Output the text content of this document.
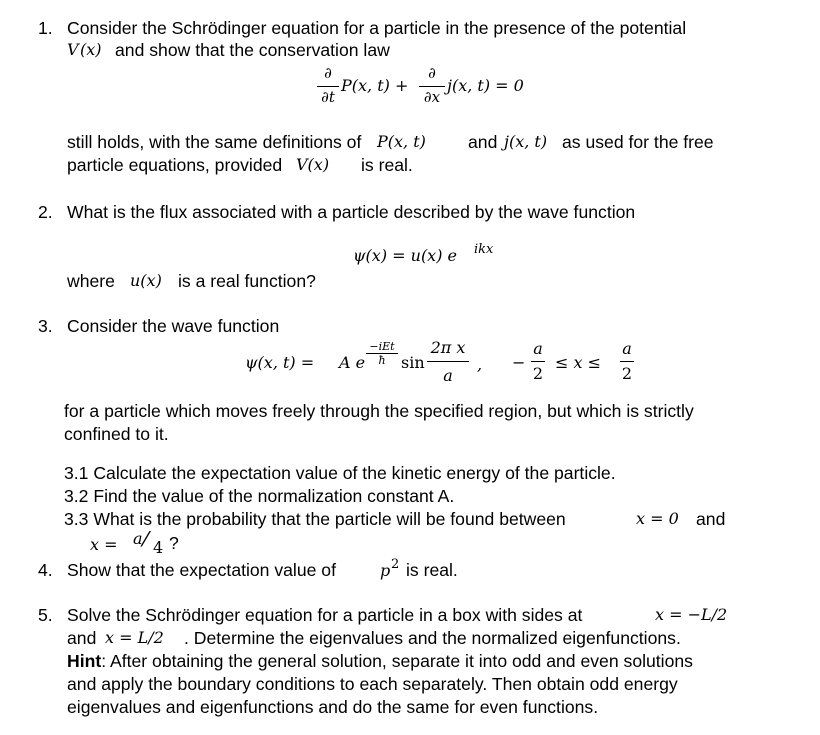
1. Consider the Schrödinger equation for a particle in the presence of the potential
V (x) and show that the conservation law
∂
∂t
P(x, t) +
∂
∂x
j(x, t) = 0
still holds, with the same definitions of P(x, t) and j(x, t) as used for the free
particle equations, provided V(x) is real.
2. What is the flux associated with a particle described by the wave function
ψ(x) = u(x) e ikx
where u(x) is a real function?
3. Consider the wave function
ψ(x, t) = A e
−iEt
ħ sin
2π x
a
, −
a
2
≤ x ≤
a
2
for a particle which moves freely through the specified region, but which is strictly
confined to it.
3.1 Calculate the expectation value of the kinetic energy of the particle.
3.2 Find the value of the normalization constant A.
3.3 What is the probability that the particle will be found between	x = 0 and
x = a ⁄ 4 ?
4. Show that the expectation value of	p 2 is real.
5. Solve the Schrödinger equation for a particle in a box with sides at	x = −L/2
and x = L/2 . Determine the eigenvalues and the normalized eigenfunctions.
Hint: After obtaining the general solution, separate it into odd and even solutions
and apply the boundary conditions to each separately. Then obtain odd energy
eigenvalues and eigenfunctions and do the same for even functions.
